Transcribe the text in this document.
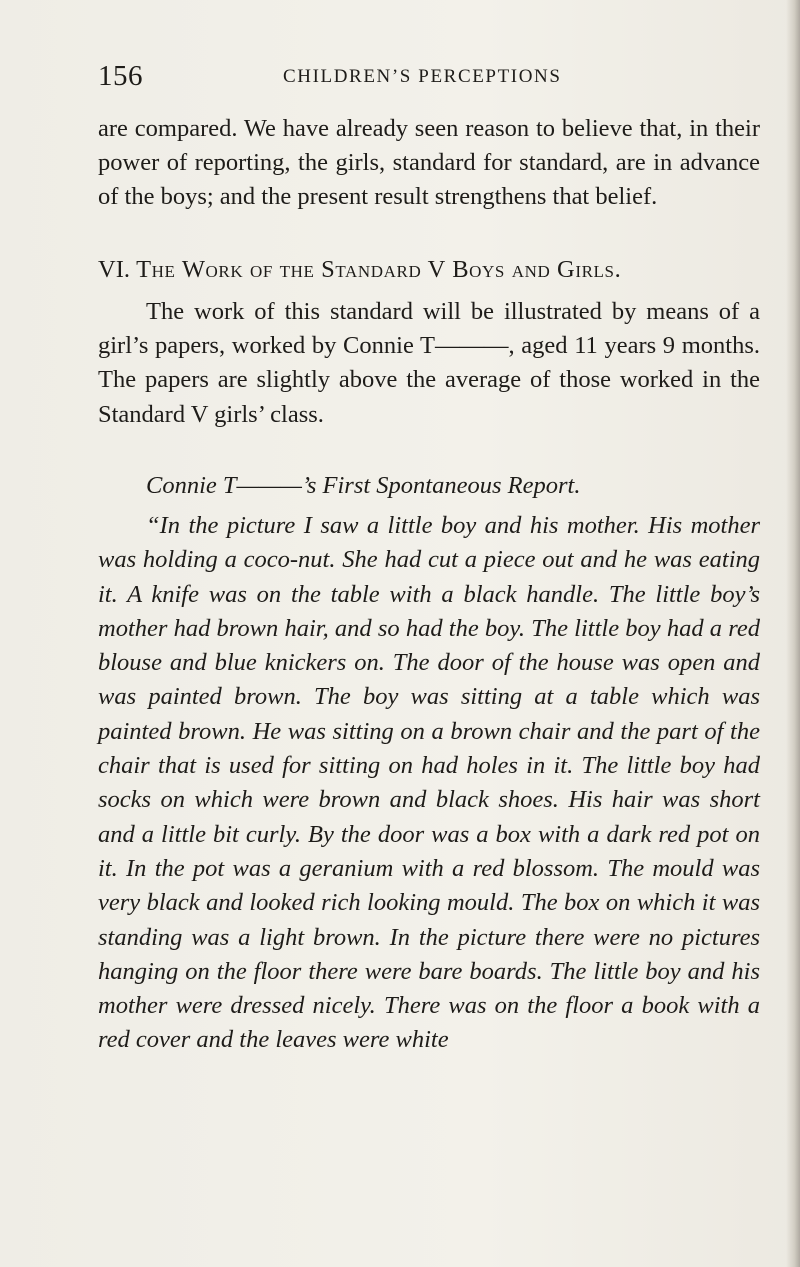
156	CHILDREN’S PERCEPTIONS

are compared. We have already seen reason to believe that, in their power of reporting, the girls, standard for standard, are in advance of the boys; and the present result strengthens that belief.

VI. The Work of the Standard V Boys and Girls.

The work of this standard will be illustrated by means of a girl’s papers, worked by Connie T———, aged 11 years 9 months. The papers are slightly above the average of those worked in the Standard V girls’ class.

Connie T———’s First Spontaneous Report.

“In the picture I saw a little boy and his mother. His mother was holding a coco-nut. She had cut a piece out and he was eating it. A knife was on the table with a black handle. The little boy’s mother had brown hair, and so had the boy. The little boy had a red blouse and blue knickers on. The door of the house was open and was painted brown. The boy was sitting at a table which was painted brown. He was sitting on a brown chair and the part of the chair that is used for sitting on had holes in it. The little boy had socks on which were brown and black shoes. His hair was short and a little bit curly. By the door was a box with a dark red pot on it. In the pot was a geranium with a red blossom. The mould was very black and looked rich looking mould. The box on which it was standing was a light brown. In the picture there were no pictures hanging on the floor there were bare boards. The little boy and his mother were dressed nicely. There was on the floor a book with a red cover and the leaves were white
